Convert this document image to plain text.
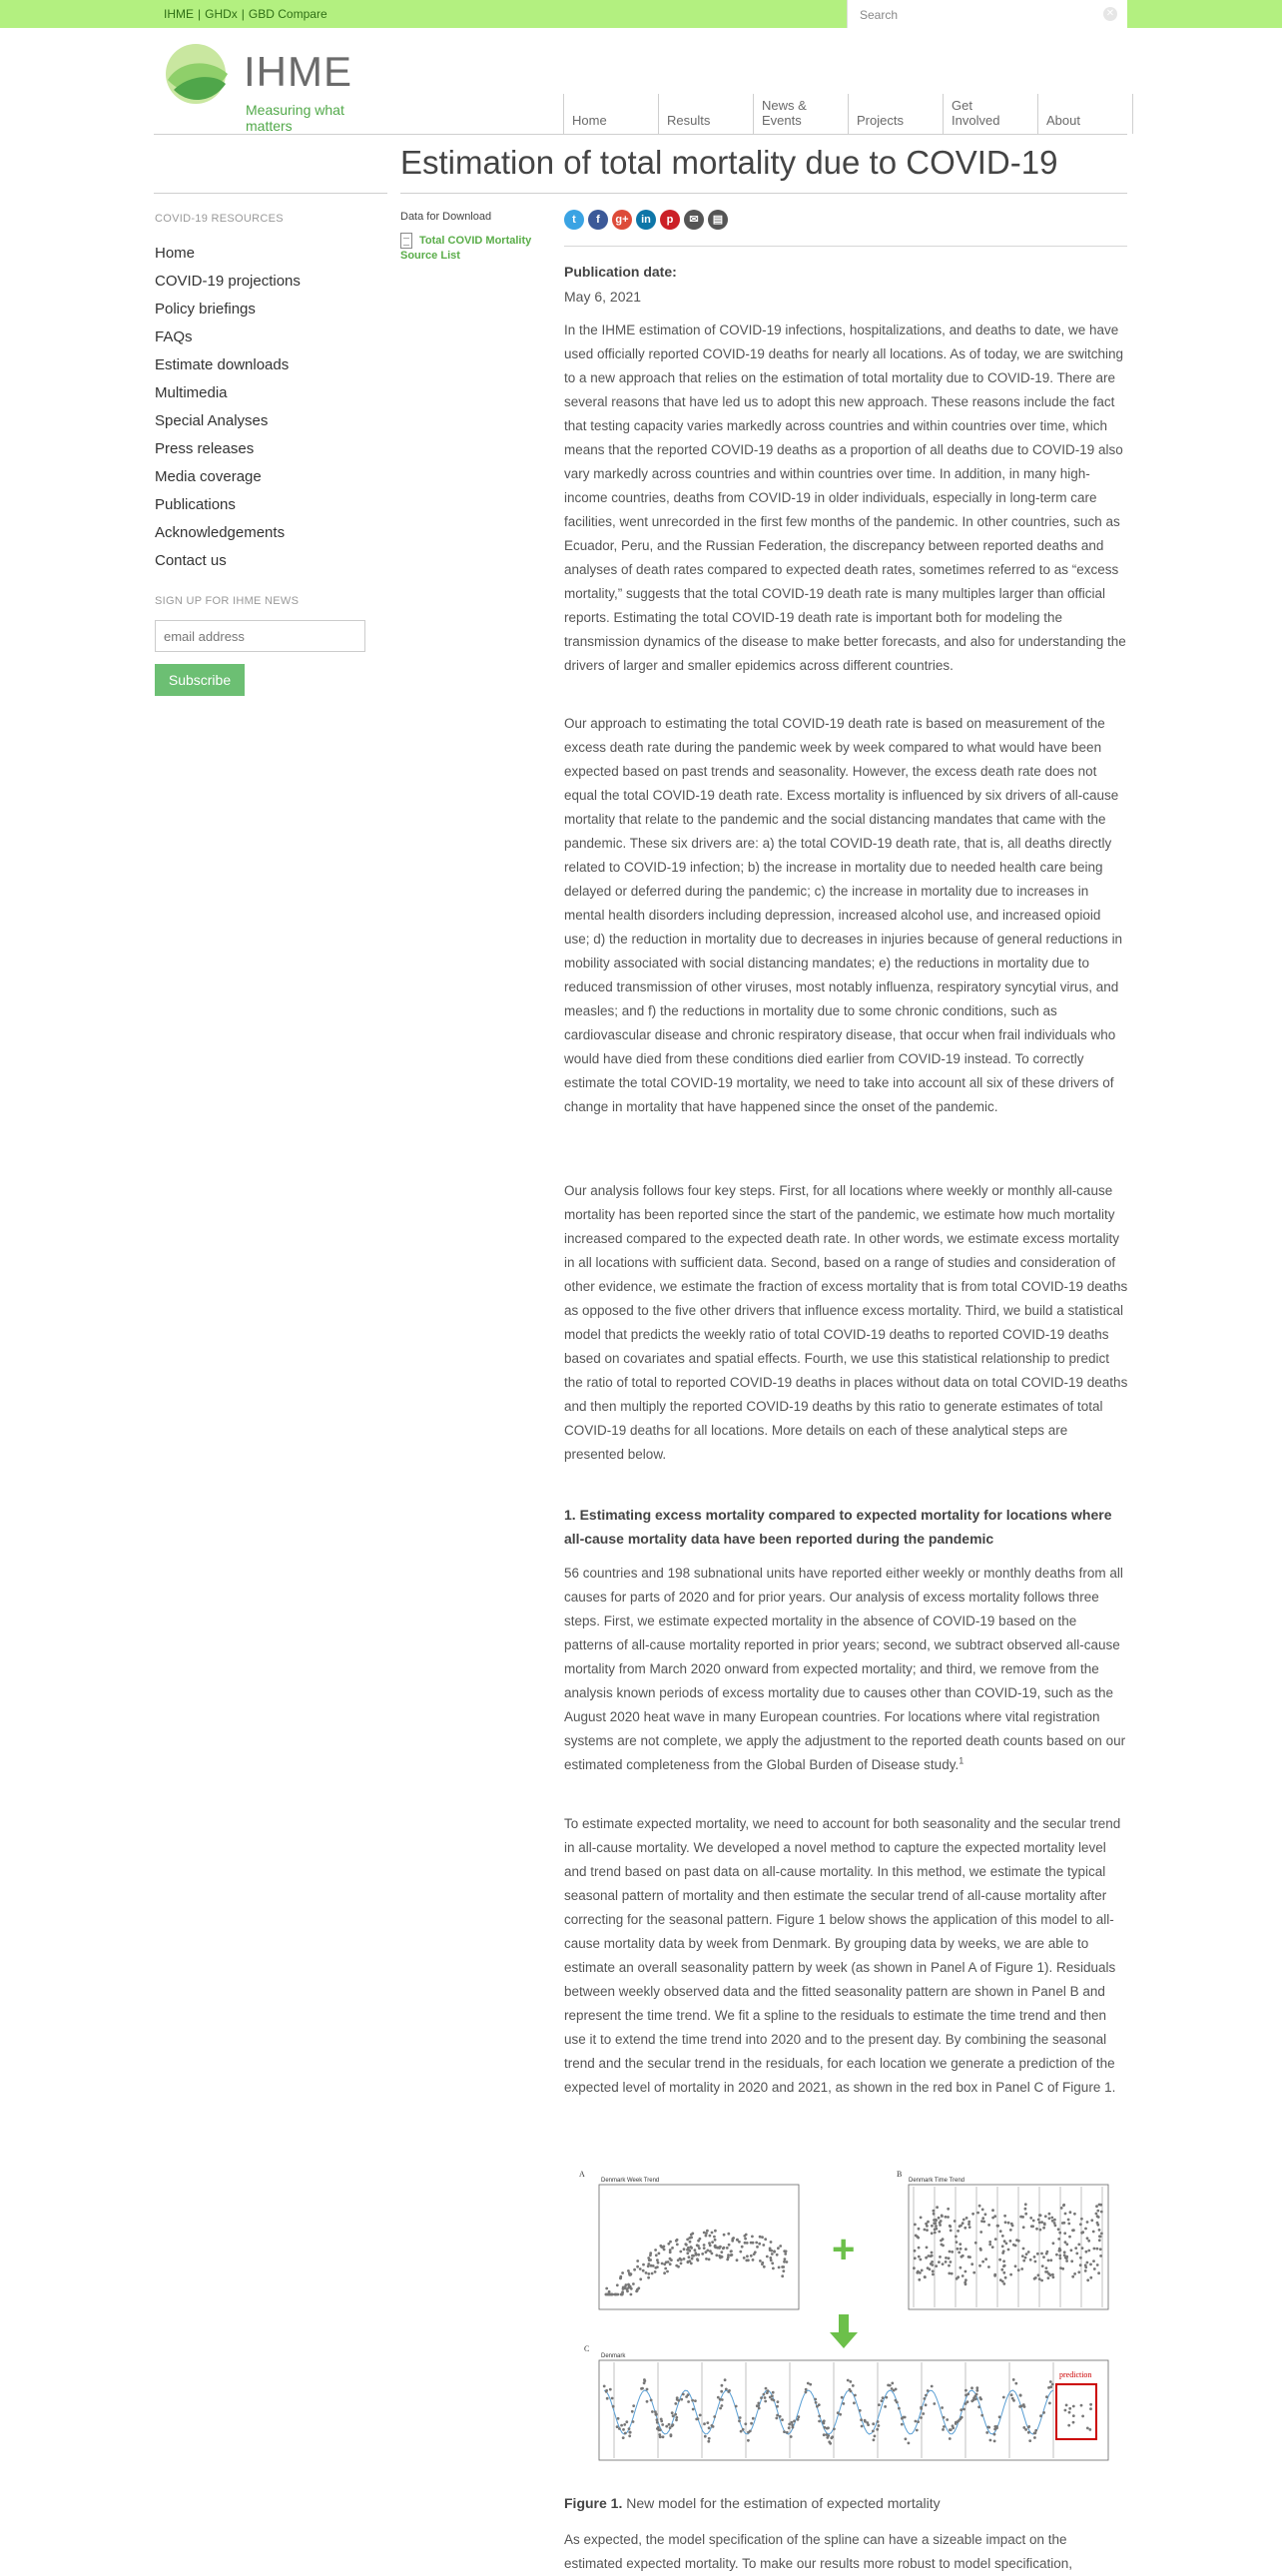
IHME | GHDx | GBD Compare	Search	✕
IHME
Measuring what matters	Home	Results
News &
Events	Projects
Get
Involved	About
Estimation of total mortality due to COVID-19
COVID-19 RESOURCES
Home
COVID-19 projections
Policy briefings
FAQs
Estimate downloads
Multimedia
Special Analyses
Press releases
Media coverage
Publications
Acknowledgements
Contact us
SIGN UP FOR IHME NEWS
email address
Subscribe
Data for Download
Total COVID Mortality Source List
t	f	g+	in	p	✉	▤
Publication date:
May 6, 2021

In the IHME estimation of COVID-19 infections, hospitalizations, and deaths to date, we have used officially reported COVID-19 deaths for nearly all locations. As of today, we are switching to a new approach that relies on the estimation of total mortality due to COVID-19. There are several reasons that have led us to adopt this new approach. These reasons include the fact that testing capacity varies markedly across countries and within countries over time, which means that the reported COVID-19 deaths as a proportion of all deaths due to COVID-19 also vary markedly across countries and within countries over time. In addition, in many high-income countries, deaths from COVID-19 in older individuals, especially in long-term care facilities, went unrecorded in the first few months of the pandemic. In other countries, such as Ecuador, Peru, and the Russian Federation, the discrepancy between reported deaths and analyses of death rates compared to expected death rates, sometimes referred to as “excess mortality,” suggests that the total COVID-19 death rate is many multiples larger than official reports. Estimating the total COVID-19 death rate is important both for modeling the transmission dynamics of the disease to make better forecasts, and also for understanding the drivers of larger and smaller epidemics across different countries.

Our approach to estimating the total COVID-19 death rate is based on measurement of the excess death rate during the pandemic week by week compared to what would have been expected based on past trends and seasonality. However, the excess death rate does not equal the total COVID-19 death rate. Excess mortality is influenced by six drivers of all-cause mortality that relate to the pandemic and the social distancing mandates that came with the pandemic. These six drivers are: a) the total COVID-19 death rate, that is, all deaths directly related to COVID-19 infection; b) the increase in mortality due to needed health care being delayed or deferred during the pandemic; c) the increase in mortality due to increases in mental health disorders including depression, increased alcohol use, and increased opioid use; d) the reduction in mortality due to decreases in injuries because of general reductions in mobility associated with social distancing mandates; e) the reductions in mortality due to reduced transmission of other viruses, most notably influenza, respiratory syncytial virus, and measles; and f) the reductions in mortality due to some chronic conditions, such as cardiovascular disease and chronic respiratory disease, that occur when frail individuals who would have died from these conditions died earlier from COVID-19 instead. To correctly estimate the total COVID-19 mortality, we need to take into account all six of these drivers of change in mortality that have happened since the onset of the pandemic.

Our analysis follows four key steps. First, for all locations where weekly or monthly all-cause mortality has been reported since the start of the pandemic, we estimate how much mortality increased compared to the expected death rate. In other words, we estimate excess mortality in all locations with sufficient data. Second, based on a range of studies and consideration of other evidence, we estimate the fraction of excess mortality that is from total COVID-19 deaths as opposed to the five other drivers that influence excess mortality. Third, we build a statistical model that predicts the weekly ratio of total COVID-19 deaths to reported COVID-19 deaths based on covariates and spatial effects. Fourth, we use this statistical relationship to predict the ratio of total to reported COVID-19 deaths in places without data on total COVID-19 deaths and then multiply the reported COVID-19 deaths by this ratio to generate estimates of total COVID-19 deaths for all locations. More details on each of these analytical steps are presented below.

1. Estimating excess mortality compared to expected mortality for locations where all-cause mortality data have been reported during the pandemic

56 countries and 198 subnational units have reported either weekly or monthly deaths from all causes for parts of 2020 and for prior years. Our analysis of excess mortality follows three steps. First, we estimate expected mortality in the absence of COVID-19 based on the patterns of all-cause mortality reported in prior years; second, we subtract observed all-cause mortality from March 2020 onward from expected mortality; and third, we remove from the analysis known periods of excess mortality due to causes other than COVID-19, such as the August 2020 heat wave in many European countries. For locations where vital registration systems are not complete, we apply the adjustment to the reported death counts based on our estimated completeness from the Global Burden of Disease study.$^1$

To estimate expected mortality, we need to account for both seasonality and the secular trend in all-cause mortality. We developed a novel method to capture the expected mortality level and trend based on past data on all-cause mortality. In this method, we estimate the typical seasonal pattern of mortality and then estimate the secular trend of all-cause mortality after correcting for the seasonal pattern. Figure 1 below shows the application of this model to all-cause mortality data by week from Denmark. By grouping data by weeks, we are able to estimate an overall seasonality pattern by week (as shown in Panel A of Figure 1). Residuals between weekly observed data and the fitted seasonality pattern are shown in Panel B and represent the time trend. We fit a spline to the residuals to estimate the time trend and then use it to extend the time trend into 2020 and to the present day. By combining the seasonal trend and the secular trend in the residuals, for each location we generate a prediction of the expected level of mortality in 2020 and 2021, as shown in the red box in Panel C of Figure 1.

A
Denmark Week Trend
+
B
Denmark Time Trend
C
Denmark
prediction
Figure 1. New model for the estimation of expected mortality

As expected, the model specification of the spline can have a sizeable impact on the estimated expected mortality. To make our results more robust to model specification,
